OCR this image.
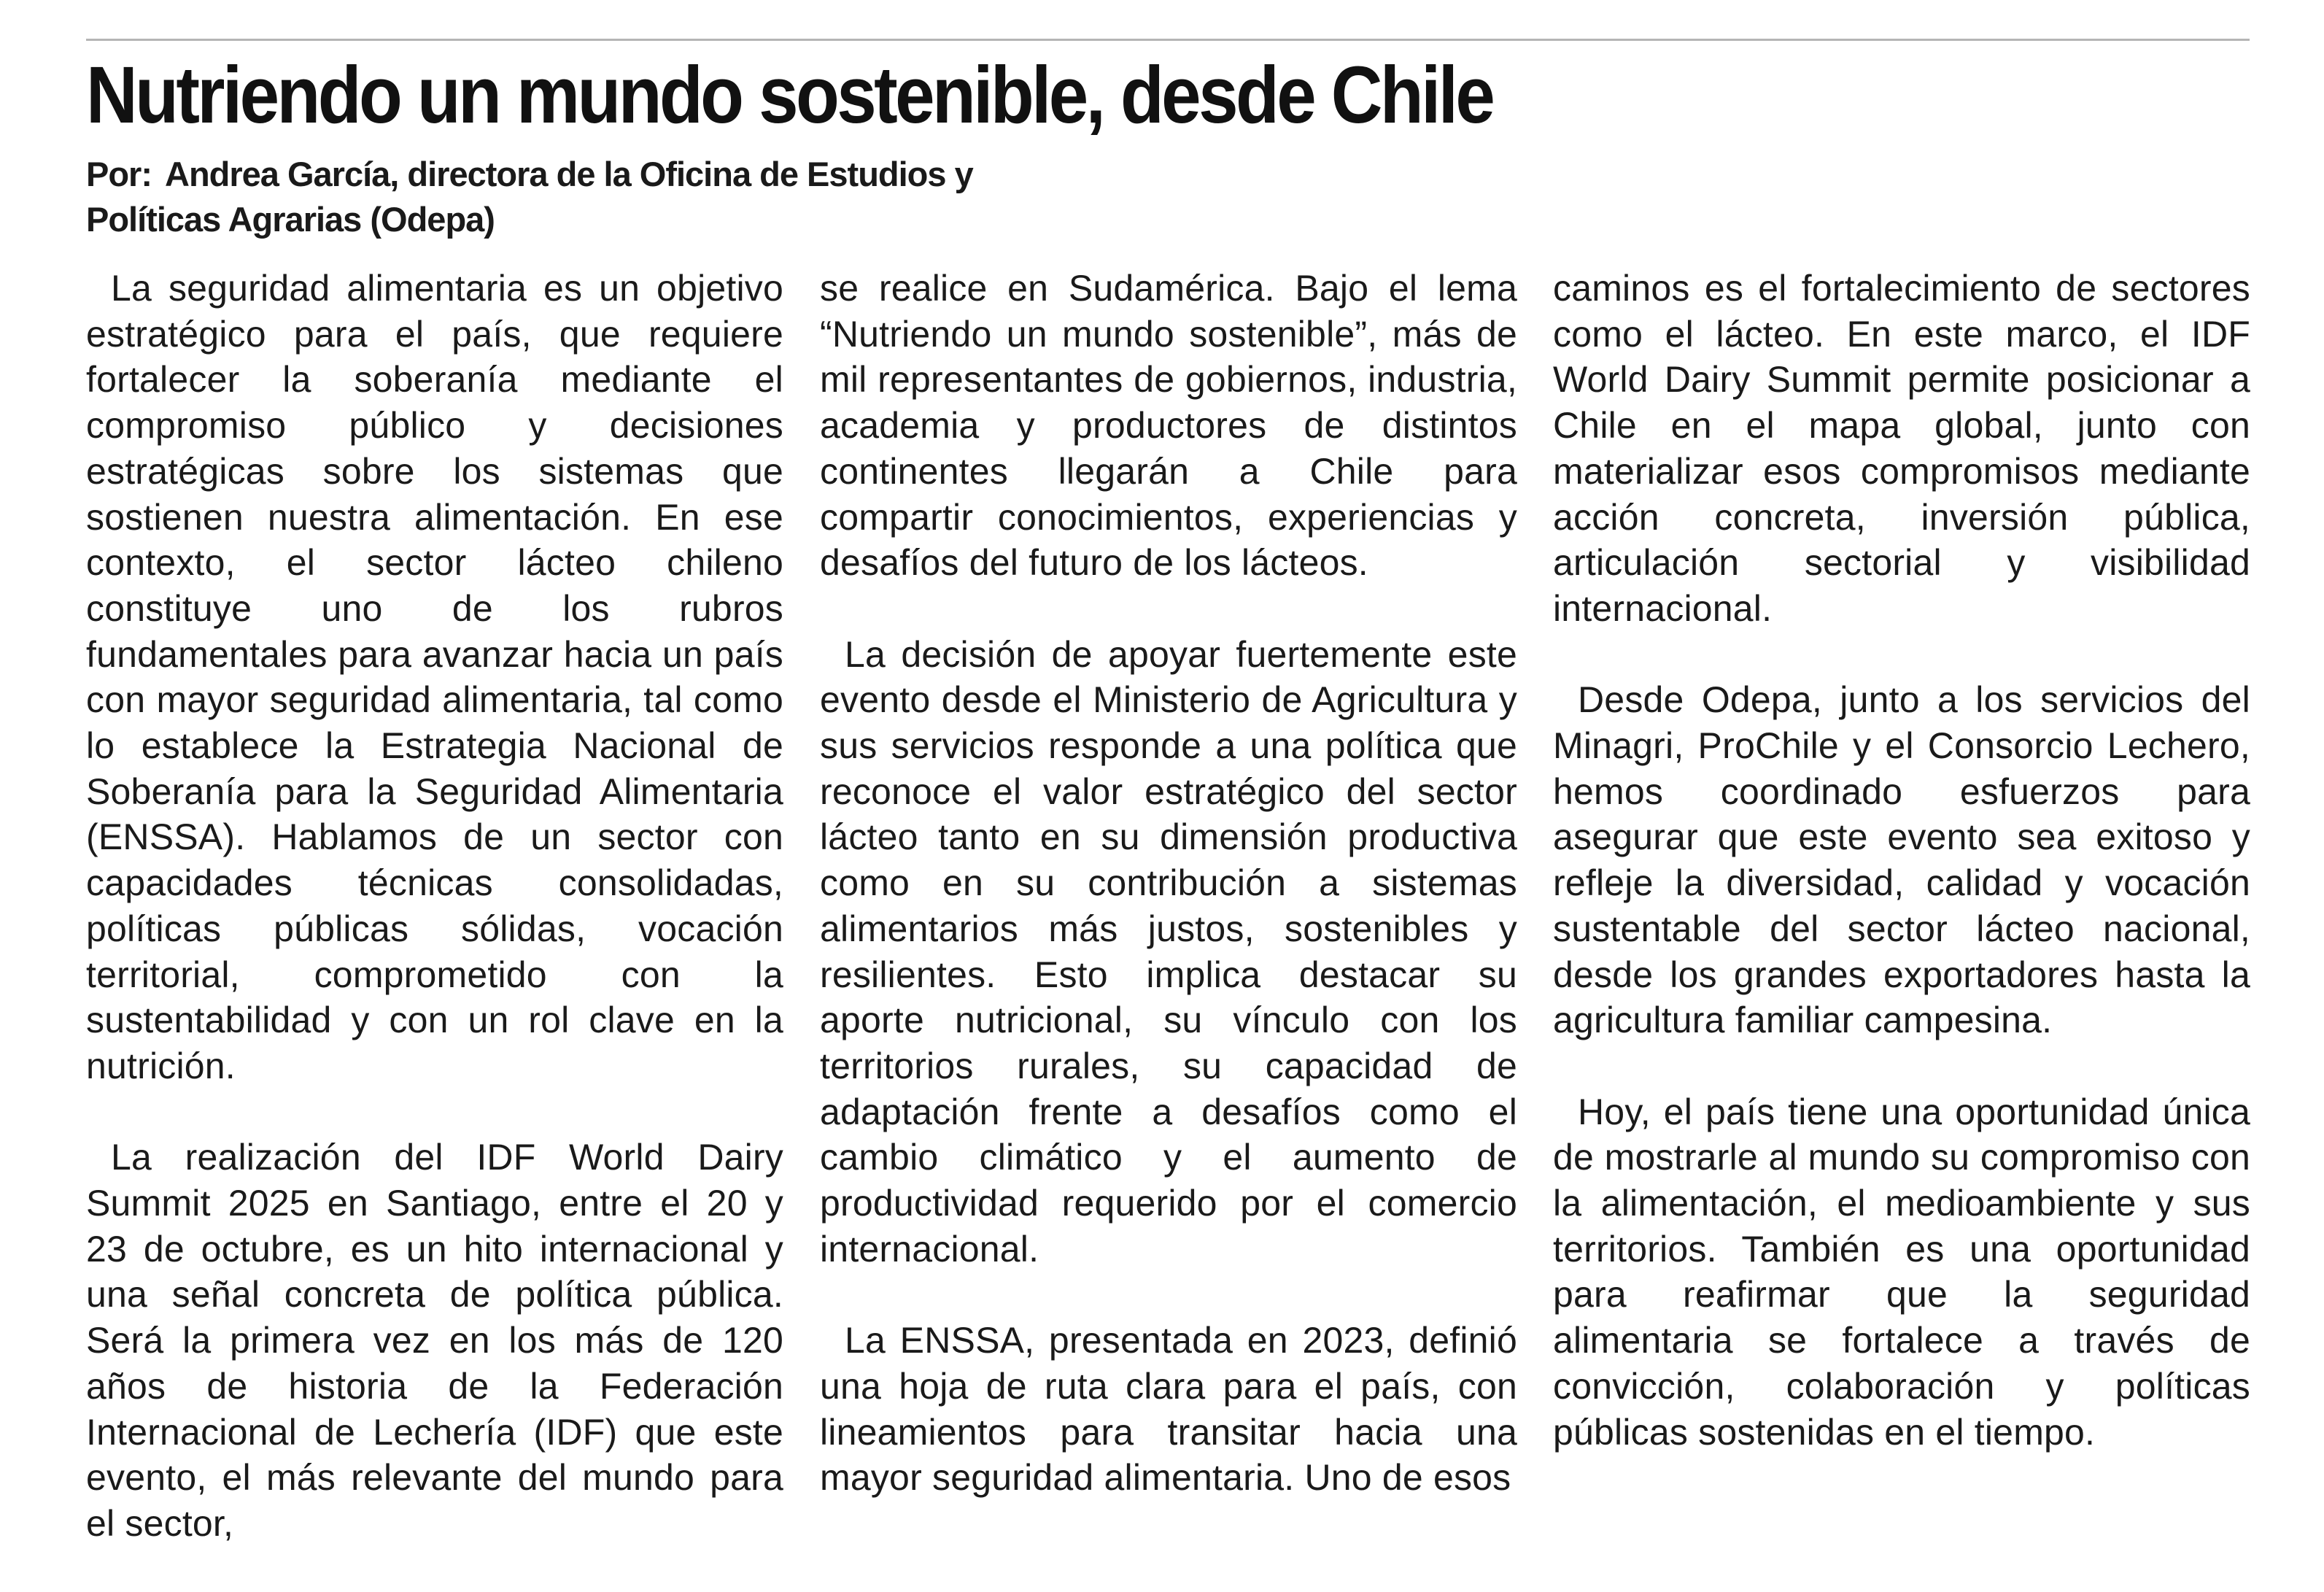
Nutriendo un mundo sostenible, desde Chile
Por: Andrea García, directora de la Oficina de Estudios y
Políticas Agrarias (Odepa)

La seguridad alimentaria es un objetivo estratégico para el país, que requiere fortalecer la soberanía mediante el compromiso público y decisiones estratégicas sobre los sistemas que sostienen nuestra alimentación. En ese contexto, el sector lácteo chileno constituye uno de los rubros fundamentales para avanzar hacia un país con mayor seguridad alimentaria, tal como lo establece la Estrategia Nacional de Soberanía para la Seguridad Alimentaria (ENSSA). Hablamos de un sector con capacidades técnicas consolidadas, políticas públicas sólidas, vocación territorial, comprometido con la sustentabilidad y con un rol clave en la nutrición.

La realización del IDF World Dairy Summit 2025 en Santiago, entre el 20 y 23 de octubre, es un hito internacional y una señal concreta de política pública. Será la primera vez en los más de 120 años de historia de la Federación Internacional de Lechería (IDF) que este evento, el más relevante del mundo para el sector,

se realice en Sudamérica. Bajo el lema “Nutriendo un mundo sostenible”, más de mil representantes de gobiernos, industria, academia y productores de distintos continentes llegarán a Chile para compartir conocimientos, experiencias y desafíos del futuro de los lácteos.

La decisión de apoyar fuertemente este evento desde el Ministerio de Agricultura y sus servicios responde a una política que reconoce el valor estratégico del sector lácteo tanto en su dimensión productiva como en su contribución a sistemas alimentarios más justos, sostenibles y resilientes. Esto implica destacar su aporte nutricional, su vínculo con los territorios rurales, su capacidad de adaptación frente a desafíos como el cambio climático y el aumento de productividad requerido por el comercio internacional.

La ENSSA, presentada en 2023, definió una hoja de ruta clara para el país, con lineamientos para transitar hacia una mayor seguridad alimentaria. Uno de esos

caminos es el fortalecimiento de sectores como el lácteo. En este marco, el IDF World Dairy Summit permite posicionar a Chile en el mapa global, junto con materializar esos compromisos mediante acción concreta, inversión pública, articulación sectorial y visibilidad internacional.

Desde Odepa, junto a los servicios del Minagri, ProChile y el Consorcio Lechero, hemos coordinado esfuerzos para asegurar que este evento sea exitoso y refleje la diversidad, calidad y vocación sustentable del sector lácteo nacional, desde los grandes exportadores hasta la agricultura familiar campesina.

Hoy, el país tiene una oportunidad única de mostrarle al mundo su compromiso con la alimentación, el medioambiente y sus territorios. También es una oportunidad para reafirmar que la seguridad alimentaria se fortalece a través de convicción, colaboración y políticas públicas sostenidas en el tiempo.
